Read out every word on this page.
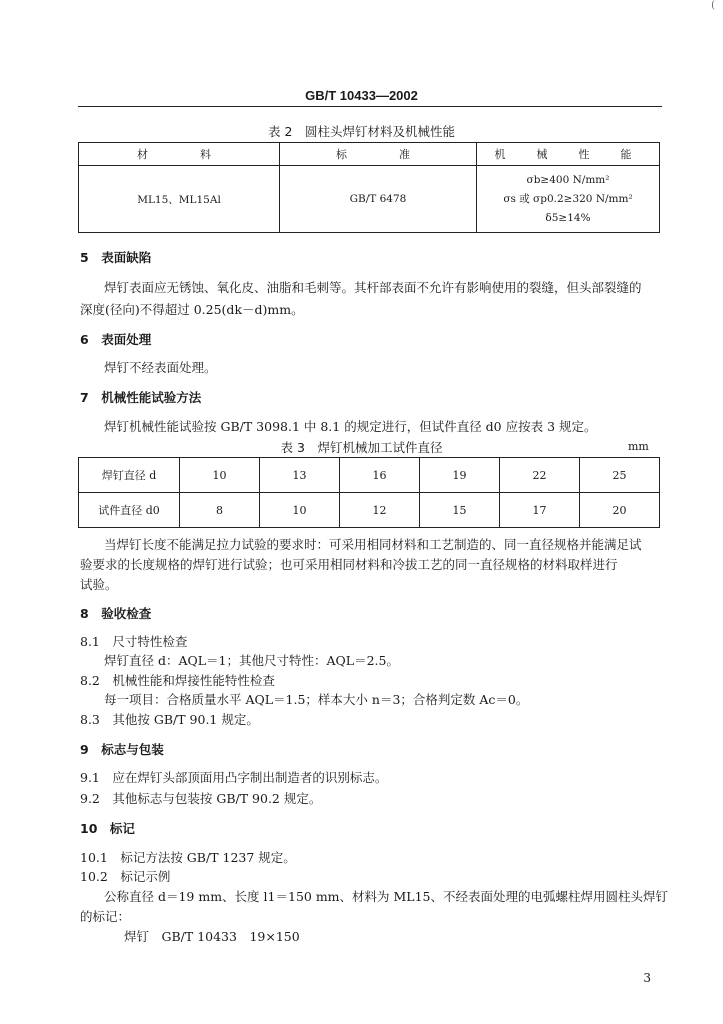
(
GB/T 10433—2002
表 2　圆柱头焊钉材料及机械性能
材　　料	标　　准	机　械　性　能
ML15、ML15Al	GB/T 6478	σb≥400 N/mm²
σs 或 σp0.2≥320 N/mm²
δ5≥14%
5　表面缺陷
焊钉表面应无锈蚀、氧化皮、油脂和毛刺等。其杆部表面不允许有影响使用的裂缝，但头部裂缝的
深度(径向)不得超过 0.25(dk－d)mm。
6　表面处理
焊钉不经表面处理。
7　机械性能试验方法
焊钉机械性能试验按 GB/T 3098.1 中 8.1 的规定进行，但试件直径 d0 应按表 3 规定。
表 3　焊钉机械加工试件直径	mm
焊钉直径 d	10	13	16	19	22	25
试件直径 d0	8	10	12	15	17	20
当焊钉长度不能满足拉力试验的要求时：可采用相同材料和工艺制造的、同一直径规格并能满足试
验要求的长度规格的焊钉进行试验；也可采用相同材料和冷拔工艺的同一直径规格的材料取样进行
试验。
8　验收检查
8.1　尺寸特性检查
焊钉直径 d：AQL＝1；其他尺寸特性：AQL＝2.5。
8.2　机械性能和焊接性能特性检查
每一项目：合格质量水平 AQL＝1.5；样本大小 n＝3；合格判定数 Ac＝0。
8.3　其他按 GB/T 90.1 规定。
9　标志与包装
9.1　应在焊钉头部顶面用凸字制出制造者的识别标志。
9.2　其他标志与包装按 GB/T 90.2 规定。
10　标记
10.1　标记方法按 GB/T 1237 规定。
10.2　标记示例
公称直径 d＝19 mm、长度 l1＝150 mm、材料为 ML15、不经表面处理的电弧螺柱焊用圆柱头焊钉
的标记：
焊钉　GB/T 10433　19×150
3
